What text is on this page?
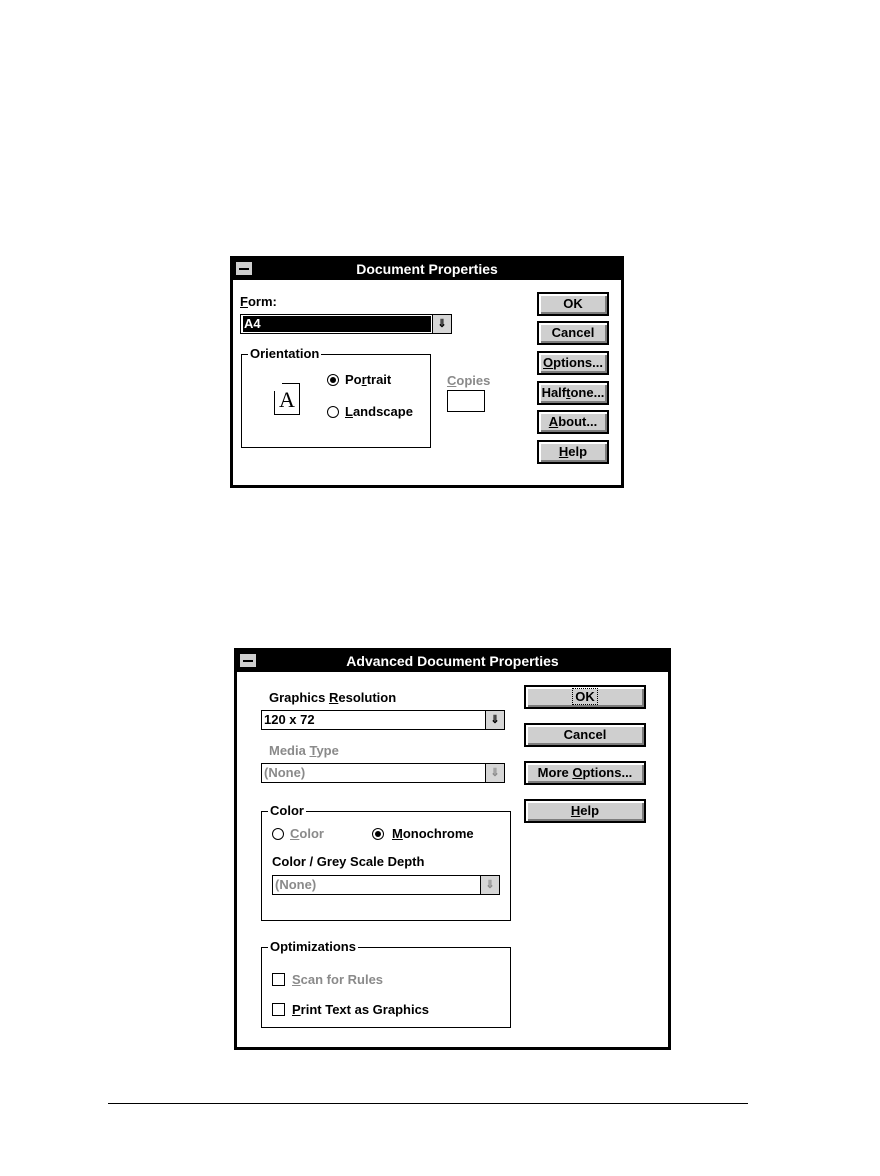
Document Properties
Form:
A4	⇓
Orientation
A
Portrait
Landscape
Copies
OK
Cancel
Options...
Halftone...
About...
Help
Advanced Document Properties
Graphics Resolution
120 x 72	⇓
Media Type
(None)	⇓
Color
Color	Monochrome
Color / Grey Scale Depth
(None)	⇓
Optimizations
Scan for Rules
Print Text as Graphics
OK
Cancel
More Options...
Help
